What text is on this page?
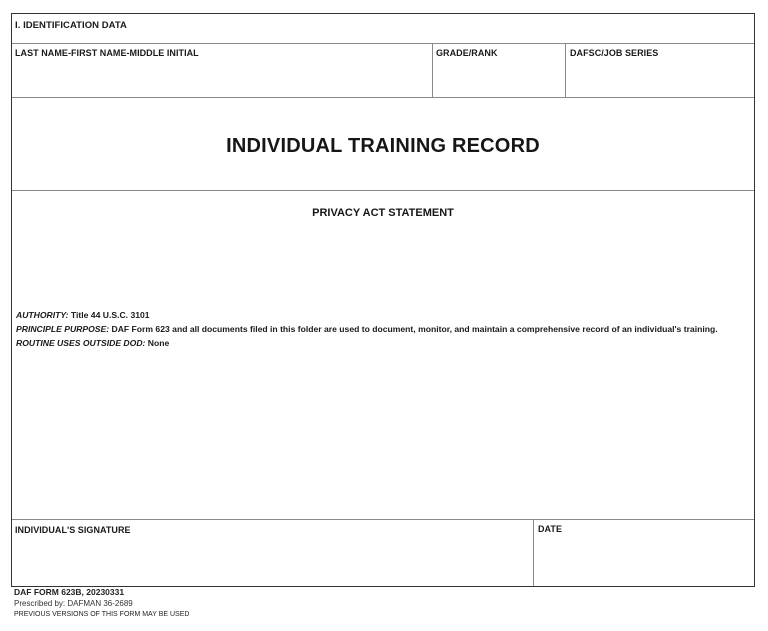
I. IDENTIFICATION DATA
LAST NAME-FIRST NAME-MIDDLE INITIAL	GRADE/RANK	DAFSC/JOB SERIES
INDIVIDUAL TRAINING RECORD
PRIVACY ACT STATEMENT
AUTHORITY: Title 44 U.S.C. 3101
PRINCIPLE PURPOSE: DAF Form 623 and all documents filed in this folder are used to document, monitor, and maintain a comprehensive record of an individual's training.
ROUTINE USES OUTSIDE DOD: None
INDIVIDUAL'S SIGNATURE	DATE
DAF FORM 623B, 20230331
Prescribed by: DAFMAN 36-2689
PREVIOUS VERSIONS OF THIS FORM MAY BE USED
